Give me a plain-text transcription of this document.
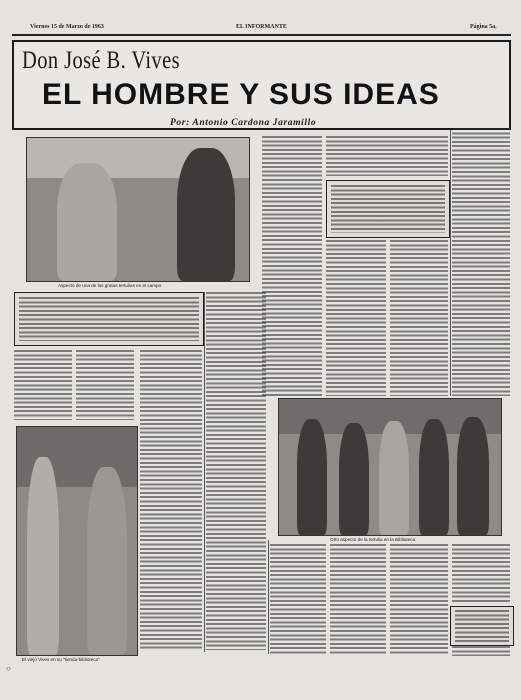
Viernes 15 de Marzo de 1963	EL INFORMANTE	Página 5a.
Don José B. Vives
EL HOMBRE Y SUS IDEAS
Por: Antonio Cardona Jaramillo
Aspecto de una de las gratas tertulias en el campo
El viejo Vives en su "tienda-biblioteca"
Otro aspecto de la tertulia en la Biblioteca
○
